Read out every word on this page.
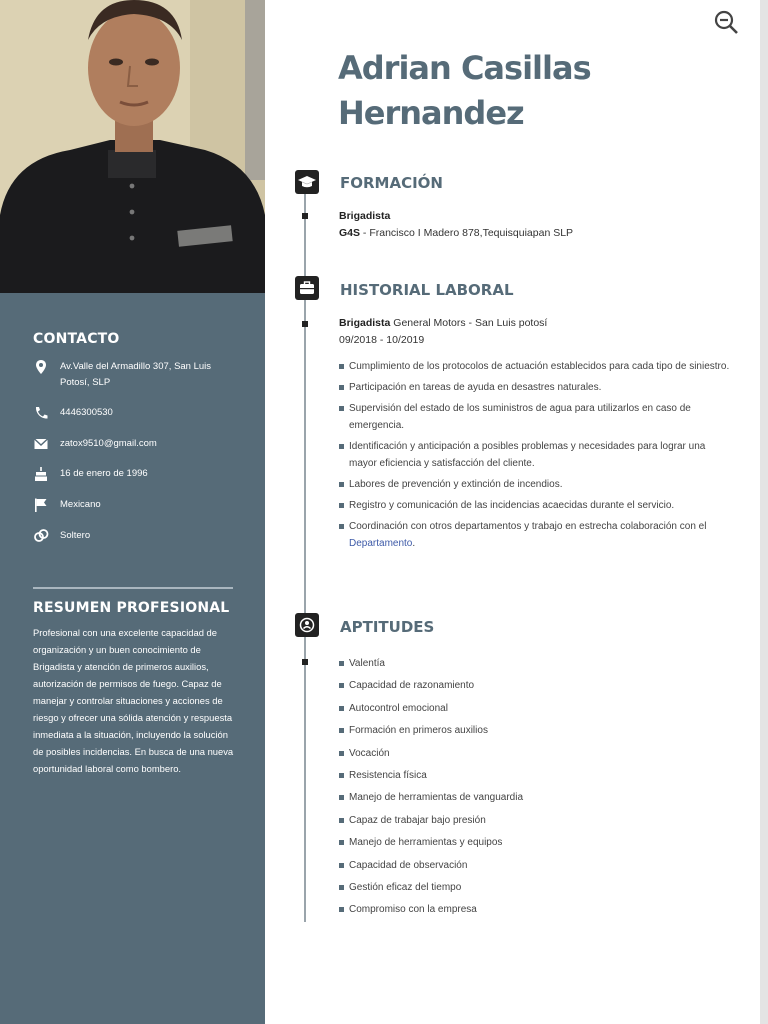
CONTACTO
Av.Valle del Armadillo 307, San Luis Potosí, SLP
4446300530
zatox9510@gmail.com
16 de enero de 1996
Mexicano
Soltero
RESUMEN PROFESIONAL
Profesional con una excelente capacidad de organización y un buen conocimiento de Brigadista y atención de primeros auxilios, autorización de permisos de fuego. Capaz de manejar y controlar situaciones y acciones de riesgo y ofrecer una sólida atención y respuesta inmediata a la situación, incluyendo la solución de posibles incidencias. En busca de una nueva oportunidad laboral como bombero.
Adrian Casillas
Hernandez
FORMACIÓN
Brigadista
G4S - Francisco I Madero 878,Tequisquiapan SLP
HISTORIAL LABORAL
Brigadista General Motors - San Luis potosí
09/2018 - 10/2019
Cumplimiento de los protocolos de actuación establecidos para cada tipo de siniestro.
Participación en tareas de ayuda en desastres naturales.
Supervisión del estado de los suministros de agua para utilizarlos en caso de emergencia.
Identificación y anticipación a posibles problemas y necesidades para lograr una mayor eficiencia y satisfacción del cliente.
Labores de prevención y extinción de incendios.
Registro y comunicación de las incidencias acaecidas durante el servicio.
Coordinación con otros departamentos y trabajo en estrecha colaboración con el Departamento.
APTITUDES
Valentía
Capacidad de razonamiento
Autocontrol emocional
Formación en primeros auxilios
Vocación
Resistencia física
Manejo de herramientas de vanguardia
Capaz de trabajar bajo presión
Manejo de herramientas y equipos
Capacidad de observación
Gestión eficaz del tiempo
Compromiso con la empresa
